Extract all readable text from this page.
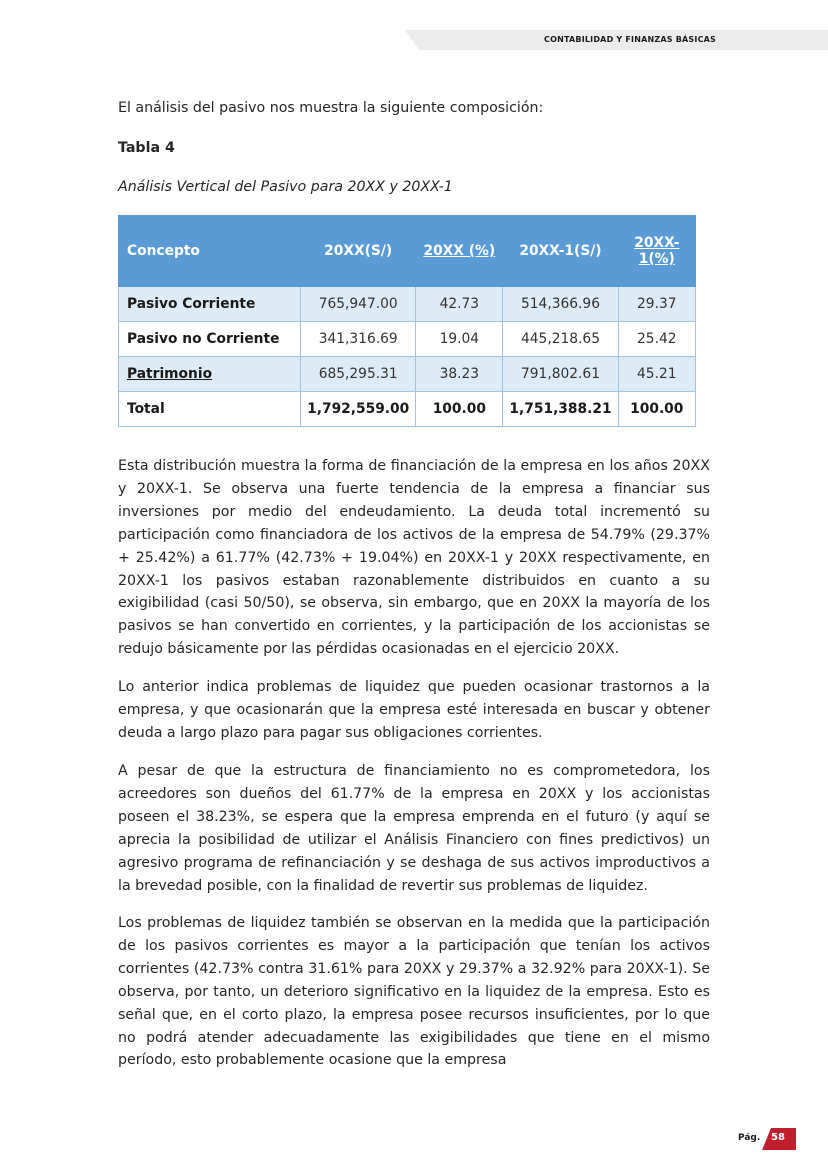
CONTABILIDAD Y FINANZAS BÁSICAS
El análisis del pasivo nos muestra la siguiente composición:
Tabla 4
Análisis Vertical del Pasivo para 20XX y 20XX-1
Concepto	20XX(S/)	20XX (%)	20XX-1(S/)	20XX-1(%)
Pasivo Corriente	765,947.00	42.73	514,366.96	29.37
Pasivo no Corriente	341,316.69	19.04	445,218.65	25.42
Patrimonio	685,295.31	38.23	791,802.61	45.21
Total	1,792,559.00	100.00	1,751,388.21	100.00

Esta distribución muestra la forma de financiación de la empresa en los años 20XX y 20XX-1. Se observa una fuerte tendencia de la empresa a financiar sus inversiones por medio del endeudamiento. La deuda total incrementó su participación como financiadora de los activos de la empresa de 54.79% (29.37% + 25.42%) a 61.77% (42.73% + 19.04%) en 20XX-1 y 20XX respectivamente, en 20XX-1 los pasivos estaban razonablemente distribuidos en cuanto a su exigibilidad (casi 50/50), se observa, sin embargo, que en 20XX la mayoría de los pasivos se han convertido en corrientes, y la participación de los accionistas se redujo básicamente por las pérdidas ocasionadas en el ejercicio 20XX.

Lo anterior indica problemas de liquidez que pueden ocasionar trastornos a la empresa, y que ocasionarán que la empresa esté interesada en buscar y obtener deuda a largo plazo para pagar sus obligaciones corrientes.

A pesar de que la estructura de financiamiento no es comprometedora, los acreedores son dueños del 61.77% de la empresa en 20XX y los accionistas poseen el 38.23%, se espera que la empresa emprenda en el futuro (y aquí se aprecia la posibilidad de utilizar el Análisis Financiero con fines predictivos) un agresivo programa de refinanciación y se deshaga de sus activos improductivos a la brevedad posible, con la finalidad de revertir sus problemas de liquidez.

Los problemas de liquidez también se observan en la medida que la participación de los pasivos corrientes es mayor a la participación que tenían los activos corrientes (42.73% contra 31.61% para 20XX y 29.37% a 32.92% para 20XX-1). Se observa, por tanto, un deterioro significativo en la liquidez de la empresa. Esto es señal que, en el corto plazo, la empresa posee recursos insuficientes, por lo que no podrá atender adecuadamente las exigibilidades que tiene en el mismo período, esto probablemente ocasione que la empresa

Pág. 58
